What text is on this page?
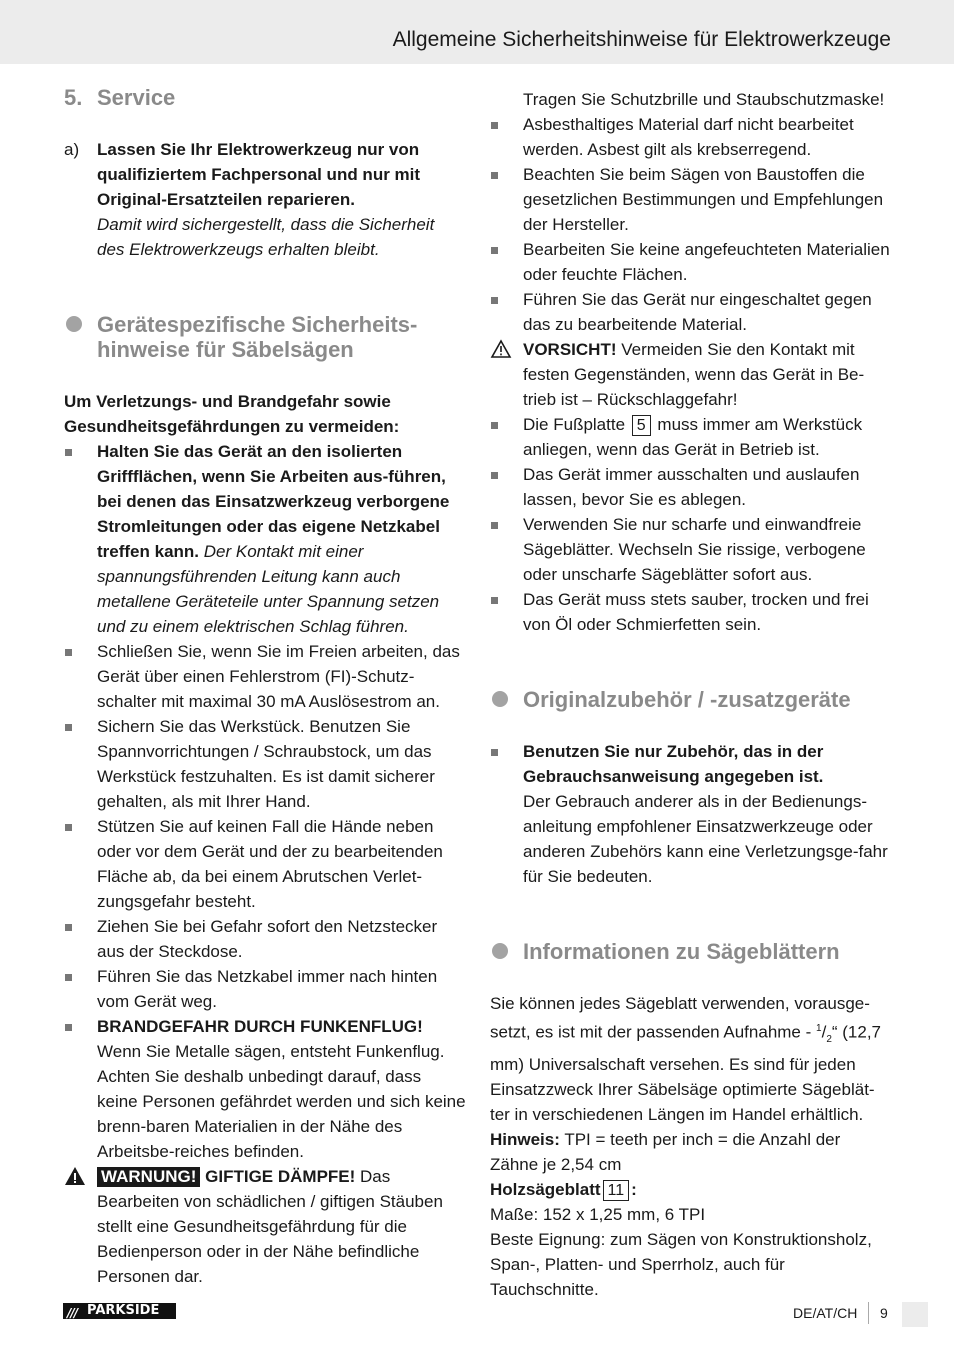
Allgemeine Sicherheitshinweise für Elektrowerkzeuge
5. Service
a) Lassen Sie Ihr Elektrowerkzeug nur von qualifiziertem Fachpersonal und nur mit Original-Ersatzteilen reparieren.
Damit wird sichergestellt, dass die Sicherheit des Elektrowerkzeugs erhalten bleibt.
Gerätespezifische Sicherheits-
hinweise für Säbelsägen
Um Verletzungs- und Brandgefahr sowie Gesundheitsgefährdungen zu vermeiden:
Halten Sie das Gerät an den isolierten Griffflächen, wenn Sie Arbeiten aus-führen, bei denen das Einsatzwerkzeug verborgene Stromleitungen oder das eigene Netzkabel treffen kann. Der Kontakt mit einer spannungsführenden Leitung kann auch metallene Geräteteile unter Spannung setzen und zu einem elektrischen Schlag führen.
Schließen Sie, wenn Sie im Freien arbeiten, das Gerät über einen Fehlerstrom (FI)-Schutz-schalter mit maximal 30 mA Auslösestrom an.
Sichern Sie das Werkstück. Benutzen Sie Spannvorrichtungen / Schraubstock, um das Werkstück festzuhalten. Es ist damit sicherer gehalten, als mit Ihrer Hand.
Stützen Sie auf keinen Fall die Hände neben oder vor dem Gerät und der zu bearbeitenden Fläche ab, da bei einem Abrutschen Verlet-zungsgefahr besteht.
Ziehen Sie bei Gefahr sofort den Netzstecker aus der Steckdose.
Führen Sie das Netzkabel immer nach hinten vom Gerät weg.
BRANDGEFAHR DURCH FUNKENFLUG!
Wenn Sie Metalle sägen, entsteht Funkenflug. Achten Sie deshalb unbedingt darauf, dass keine Personen gefährdet werden und sich keine brenn-baren Materialien in der Nähe des Arbeitsbe-reiches befinden.
WARNUNG! GIFTIGE DÄMPFE! Das Bearbeiten von schädlichen / giftigen Stäuben stellt eine Gesundheitsgefährdung für die Bedienperson oder in der Nähe befindliche Personen dar.
Tragen Sie Schutzbrille und Staubschutzmaske!
Asbesthaltiges Material darf nicht bearbeitet werden. Asbest gilt als krebserregend.
Beachten Sie beim Sägen von Baustoffen die gesetzlichen Bestimmungen und Empfehlungen der Hersteller.
Bearbeiten Sie keine angefeuchteten Materialien oder feuchte Flächen.
Führen Sie das Gerät nur eingeschaltet gegen das zu bearbeitende Material.
VORSICHT! Vermeiden Sie den Kontakt mit festen Gegenständen, wenn das Gerät in Be-trieb ist – Rückschlaggefahr!
Die Fußplatte 5 muss immer am Werkstück anliegen, wenn das Gerät in Betrieb ist.
Das Gerät immer ausschalten und auslaufen lassen, bevor Sie es ablegen.
Verwenden Sie nur scharfe und einwandfreie Sägeblätter. Wechseln Sie rissige, verbogene oder unscharfe Sägeblätter sofort aus.
Das Gerät muss stets sauber, trocken und frei von Öl oder Schmierfetten sein.
Originalzubehör / -zusatzgeräte
Benutzen Sie nur Zubehör, das in der Gebrauchsanweisung angegeben ist.
Der Gebrauch anderer als in der Bedienungs-anleitung empfohlener Einsatzwerkzeuge oder anderen Zubehörs kann eine Verletzungsge-fahr für Sie bedeuten.
Informationen zu Sägeblättern
Sie können jedes Sägeblatt verwenden, vorausge-setzt, es ist mit der passenden Aufnahme - $^1/_2“$ (12,7 mm) Universalschaft versehen. Es sind für jeden Einsatzzweck Ihrer Säbelsäge optimierte Sägeblät-ter in verschiedenen Längen im Handel erhältlich.
Hinweis: TPI = teeth per inch = die Anzahl der Zähne je 2,54 cm
Holzsägeblatt 11 :
Maße: 152 x 1,25 mm, 6 TPI
Beste Eignung: zum Sägen von Konstruktionsholz, Span-, Platten- und Sperrholz, auch für Tauchschnitte.
/// PARKSIDE	DE/AT/CH 9
